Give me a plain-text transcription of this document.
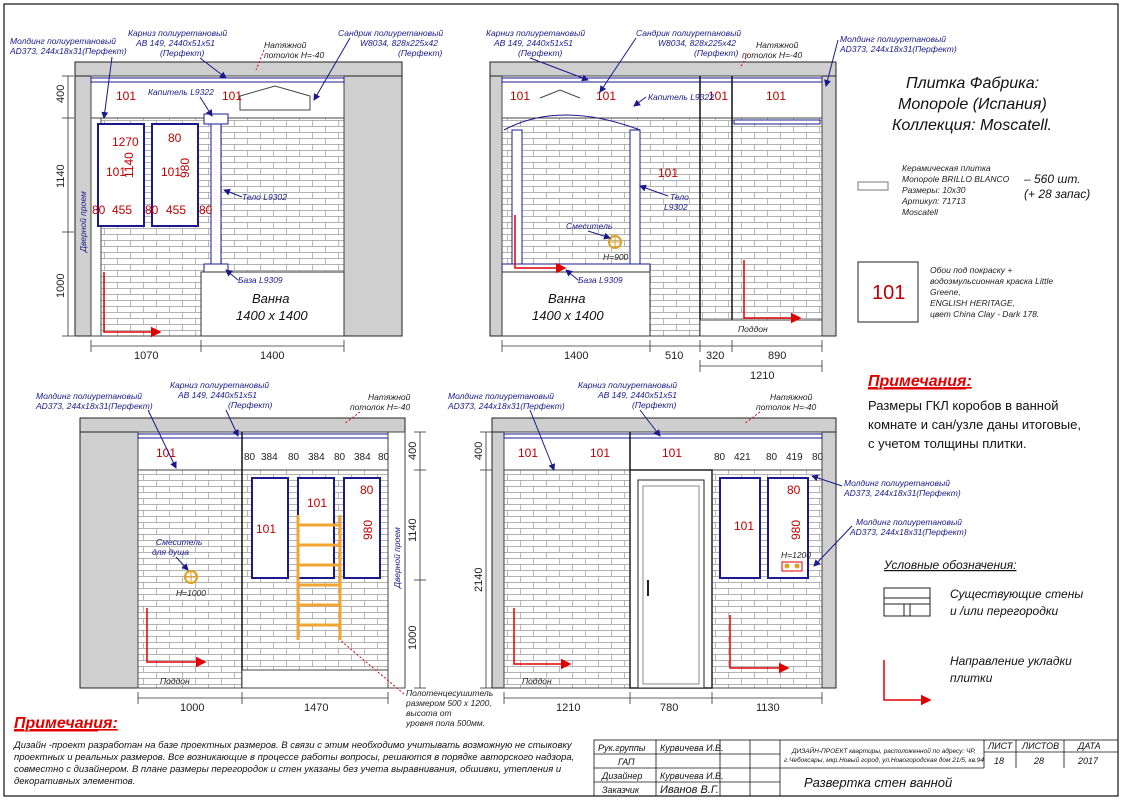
101	101
101	101
1270 80
1140	980
80 455 80 455 80
Дверной проем
Ванна
1400 х 1400
Молдинг полиуретановый
AD373, 244х18х31(Перфект)
Карниз полиуретановый
AB 149, 2440х51х51
(Перфект)
Сандрик полиуретановый
W8034, 828х225х42
(Перфект)
Натяжной
потолок Н=-40
Капитель L9322
Тело L9302
База L9309
1070	1400
400
1140
1000
101	101	101	101
101
Тело
L9302
Капитель L9322
Смеситель
H=900
База L9309
Ванна
1400 х 1400
Поддон
Карниз полиуретановый
AB 149, 2440х51х51
(Перфект)
Сандрик полиуретановый
W8034, 828х225х42
(Перфект)
Натяжной
потолок Н=-40
Молдинг полиуретановый
AD373, 244х18х31(Перфект)
1400	510 320	890
1210
101
101
101
80 384 80 384 80 384 80
980
80
Дверной проем
Смеситель
для душа
H=1000
Поддон
Молдинг полиуретановый
AD373, 244х18х31(Перфект)
Карниз полиуретановый
AB 149, 2440х51х51
(Перфект)
Натяжной
потолок Н=-40
Полотенцесушитель
размером 500 х 1200,
высота от
уровня пола 500мм.
1000	1470
400
1140
1000
101	101	101
101
80 421 80 419 80
980
80
H=1200
Поддон
Молдинг полиуретановый
AD373, 244х18х31(Перфект)
Карниз полиуретановый
AB 149, 2440х51х51
(Перфект)
Натяжной
потолок Н=-40
Молдинг полиуретановый
AD373, 244х18х31(Перфект)
Молдинг полиуретановый
AD373, 244х18х31(Перфект)
1210	780	1130
400
2140
Плитка Фабрика:
Monopole (Испания)
Коллекция: Moscatell.
Керамическая плитка
Monopole BRILLO BLANCO
Размеры: 10х30
Артикул: 71713
Moscatell
– 560 шт.
(+ 28 запас)
101
Обои под покраску +
водоэмульсионная краска Little
Greene,
ENGLISH HERITAGE,
цвет China Clay - Dark 178.
Примечания:
Размеры ГКЛ коробов в ванной
комнате и сан/узле даны итоговые,
с учетом толщины плитки.
Условные обозначения:
Существующие стены
и /или перегородки
Направление укладки
плитки
Примечания:
Дизайн -проект разработан на базе проектных размеров. В связи с этим необходимо учитывать возможную не стыковку
проектных и реальных размеров. Все возникающие в процессе работы вопросы, решаются в порядке авторского надзора,
совместно с дизайнером. В плане размеры перегородок и стен указаны без учета выравнивания, обшивки, утепления и
декоративных элементов.
Рук.группы Курвичева И.В.
ГАП
Дизайнер Курвичева И.В.
Заказчик Иванов В.Г.
ДИЗАЙН-ПРОЕКТ квартиры, расположенной по адресу: ЧР,
г.Чебоксары, мкр.Новый город, ул.Новогородская дом 21/5, кв.94
Развертка стен ванной
ЛИСТ ЛИСТОВ ДАТА
18	28	2017
